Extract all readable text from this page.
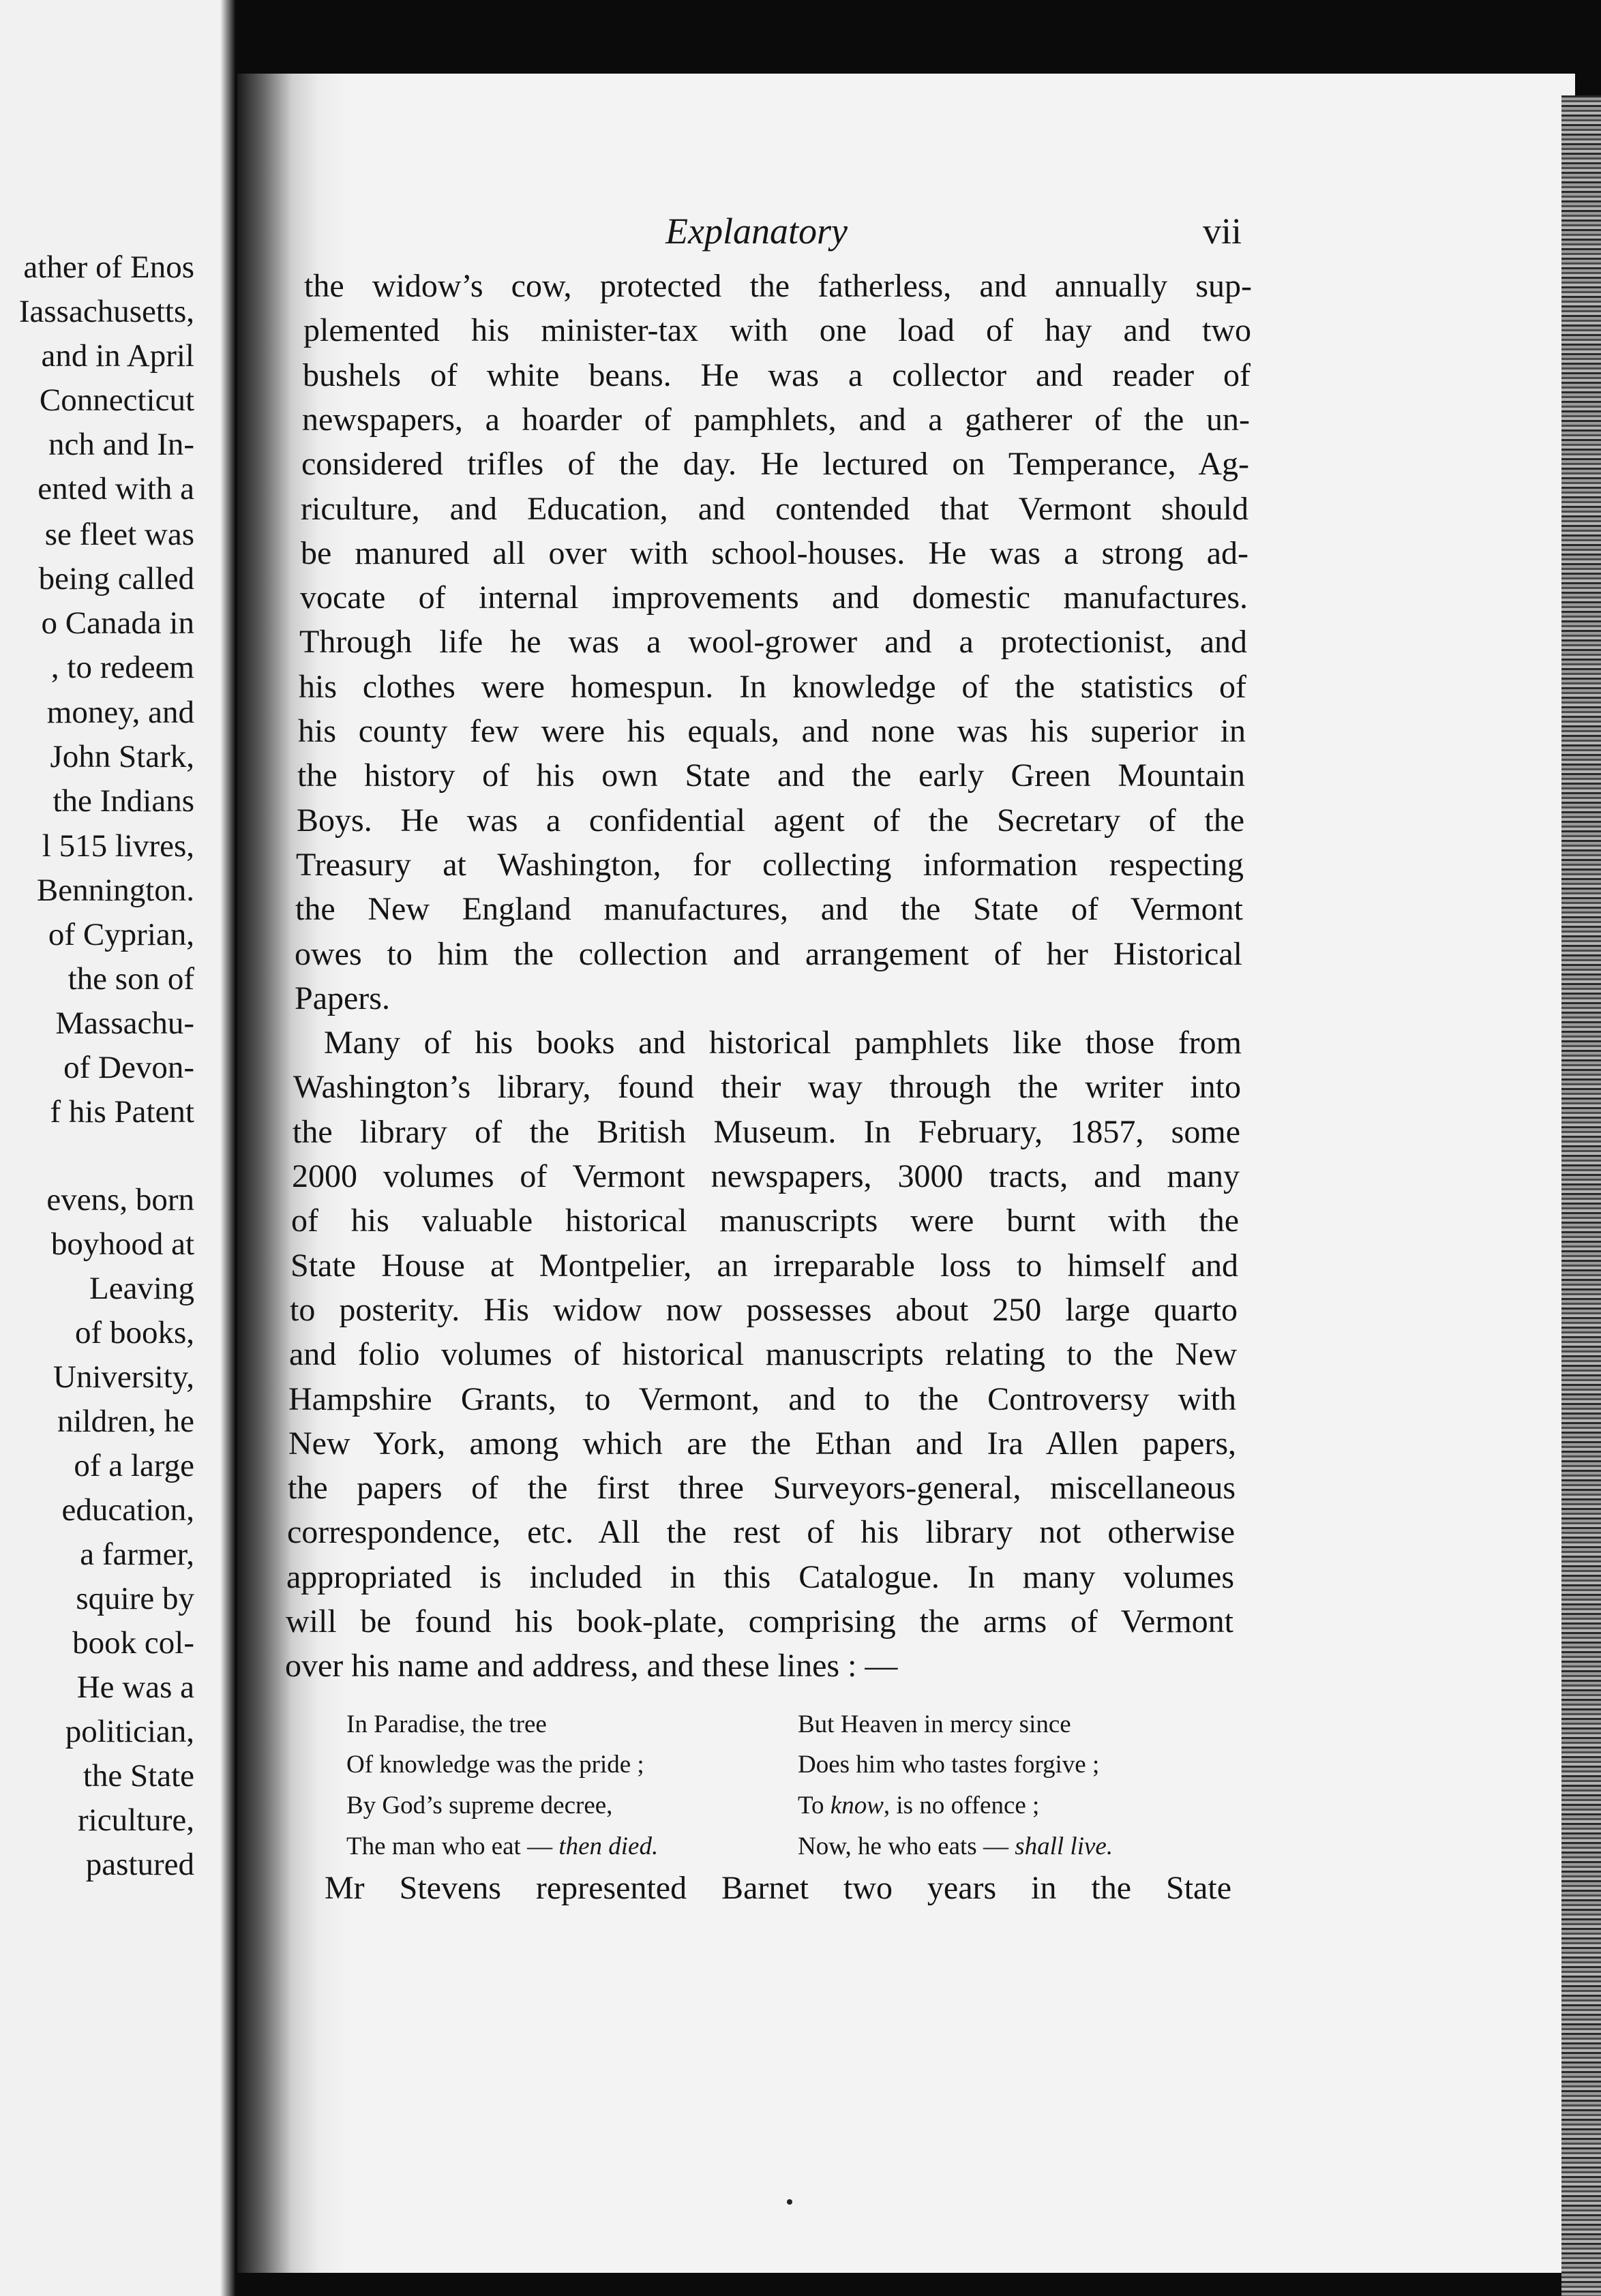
ather of Enos
Iassachusetts,
and in April
Connecticut
nch and In-
ented with a
se fleet was
being called
o Canada in
, to redeem
money, and
John Stark,
the Indians
l 515 livres,
Bennington.
of Cyprian,
the son of
Massachu-
of Devon-
f his Patent
evens, born
boyhood at
Leaving
of books,
University,
nildren, he
of a large
education,
a farmer,
squire by
book col-
He was a
politician,
the State
riculture,
pastured
Explanatory	vii
the widow’s cow, protected the fatherless, and annually sup-
plemented his minister-tax with one load of hay and two
bushels of white beans. He was a collector and reader of
newspapers, a hoarder of pamphlets, and a gatherer of the un-
considered trifles of the day. He lectured on Temperance, Ag-
riculture, and Education, and contended that Vermont should
be manured all over with school-houses. He was a strong ad-
vocate of internal improvements and domestic manufactures.
Through life he was a wool-grower and a protectionist, and
his clothes were homespun. In knowledge of the statistics of
his county few were his equals, and none was his superior in
the history of his own State and the early Green Mountain
Boys. He was a confidential agent of the Secretary of the
Treasury at Washington, for collecting information respecting
the New England manufactures, and the State of Vermont
owes to him the collection and arrangement of her Historical
Papers.
Many of his books and historical pamphlets like those from
Washington’s library, found their way through the writer into
the library of the British Museum. In February, 1857, some
2000 volumes of Vermont newspapers, 3000 tracts, and many
of his valuable historical manuscripts were burnt with the
State House at Montpelier, an irreparable loss to himself and
to posterity. His widow now possesses about 250 large quarto
and folio volumes of historical manuscripts relating to the New
Hampshire Grants, to Vermont, and to the Controversy with
New York, among which are the Ethan and Ira Allen papers,
the papers of the first three Surveyors-general, miscellaneous
correspondence, etc. All the rest of his library not otherwise
appropriated is included in this Catalogue. In many volumes
will be found his book-plate, comprising the arms of Vermont
over his name and address, and these lines : —
In Paradise, the tree
Of knowledge was the pride ;
By God’s supreme decree,
The man who eat — then died.
But Heaven in mercy since
Does him who tastes forgive ;
To know, is no offence ;
Now, he who eats — shall live.
Mr Stevens represented Barnet two years in the State
